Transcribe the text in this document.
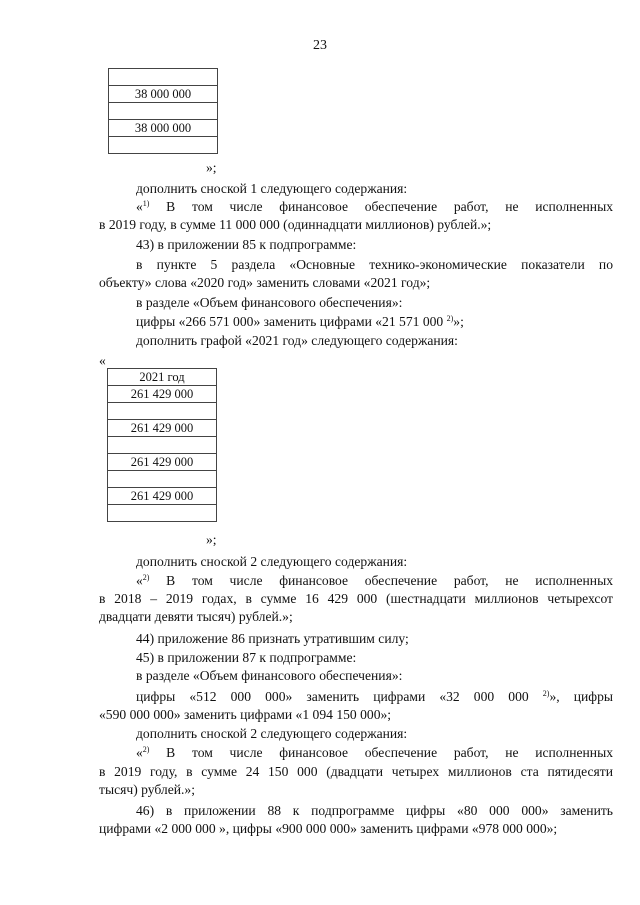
23

38 000 000

38 000 000

»;
дополнить сноской 1 следующего содержания:
«$^{1)}$ В том числе финансовое обеспечение работ, не исполненных
в 2019 году, в сумме 11 000 000 (одиннадцати миллионов) рублей.»;
43) в приложении 85 к подпрограмме:
в пункте 5 раздела «Основные технико-экономические показатели по
объекту» слова «2020 год» заменить словами «2021 год»;
в разделе «Объем финансового обеспечения»:
цифры «266 571 000» заменить цифрами «21 571 000 $^{2)}$»;
дополнить графой «2021 год» следующего содержания:
«
2021 год
261 429 000

261 429 000

261 429 000

261 429 000

»;
дополнить сноской 2 следующего содержания:
«$^{2)}$ В том числе финансовое обеспечение работ, не исполненных
в 2018 – 2019 годах, в сумме 16 429 000 (шестнадцати миллионов четырехсот
двадцати девяти тысяч) рублей.»;
44) приложение 86 признать утратившим силу;
45) в приложении 87 к подпрограмме:
в разделе «Объем финансового обеспечения»:
цифры «512 000 000» заменить цифрами «32 000 000 $^{2)}$», цифры
«590 000 000» заменить цифрами «1 094 150 000»;
дополнить сноской 2 следующего содержания:
«$^{2)}$ В том числе финансовое обеспечение работ, не исполненных
в 2019 году, в сумме 24 150 000 (двадцати четырех миллионов ста пятидесяти
тысяч) рублей.»;
46) в приложении 88 к подпрограмме цифры «80 000 000» заменить
цифрами «2 000 000 », цифры «900 000 000» заменить цифрами «978 000 000»;
